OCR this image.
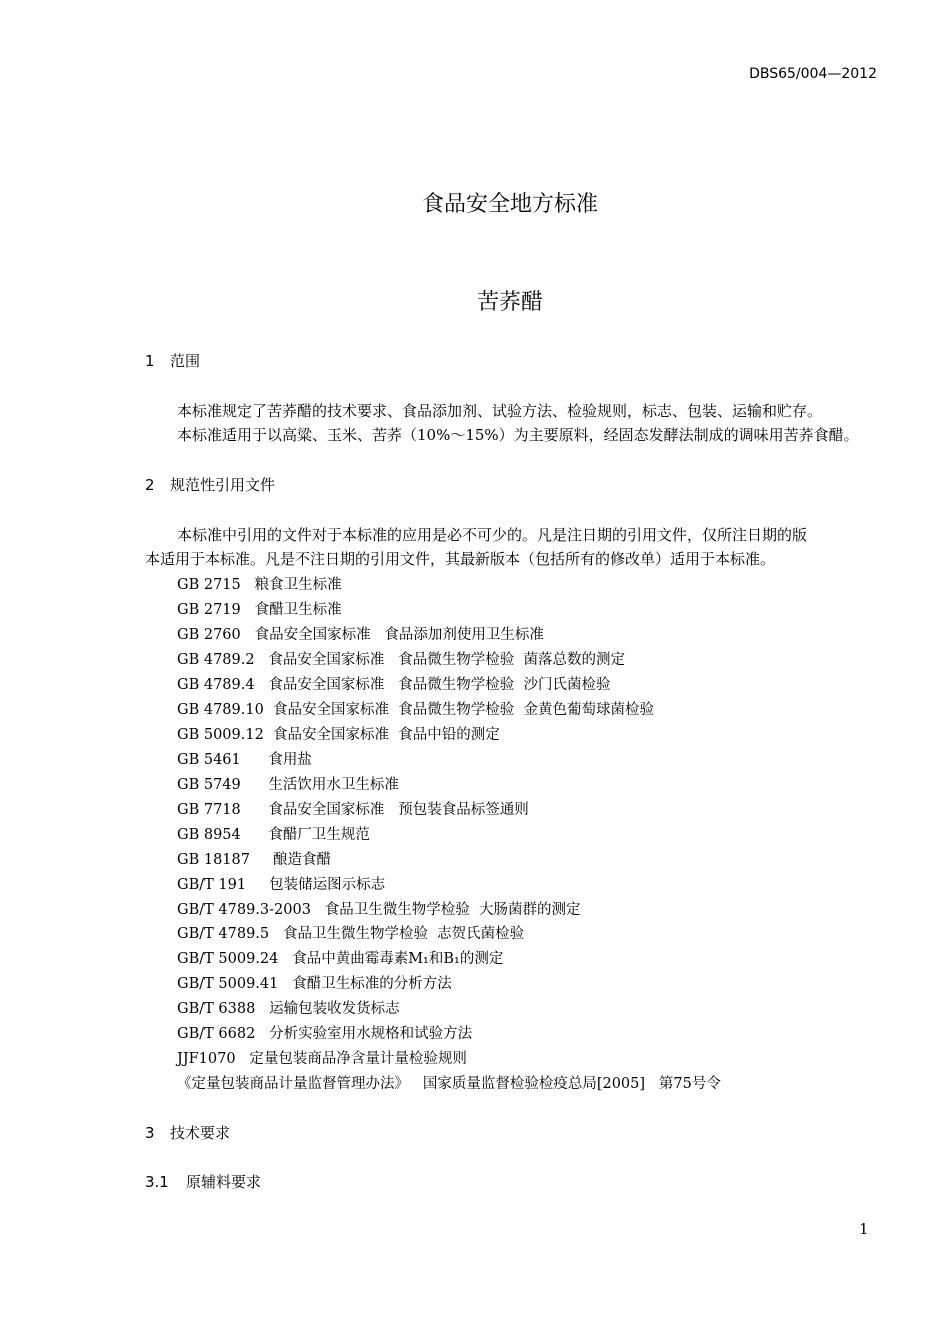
DBS65/004—2012
食品安全地方标准
苦荞醋
1 范围
本标准规定了苦荞醋的技术要求、食品添加剂、试验方法、检验规则，标志、包装、运输和贮存。
本标准适用于以高粱、玉米、苦荞（10%～15%）为主要原料，经固态发酵法制成的调味用苦荞食醋。
2 规范性引用文件
本标准中引用的文件对于本标准的应用是必不可少的。凡是注日期的引用文件，仅所注日期的版
本适用于本标准。凡是不注日期的引用文件，其最新版本（包括所有的修改单）适用于本标准。
GB 2715   粮食卫生标准
GB 2719   食醋卫生标准
GB 2760   食品安全国家标准   食品添加剂使用卫生标准
GB 4789.2   食品安全国家标准   食品微生物学检验  菌落总数的测定
GB 4789.4   食品安全国家标准   食品微生物学检验  沙门氏菌检验
GB 4789.10  食品安全国家标准  食品微生物学检验  金黄色葡萄球菌检验
GB 5009.12  食品安全国家标准  食品中铅的测定
GB 5461      食用盐
GB 5749      生活饮用水卫生标准
GB 7718      食品安全国家标准   预包装食品标签通则
GB 8954      食醋厂卫生规范
GB 18187     酿造食醋
GB/T 191     包装储运图示标志
GB/T 4789.3-2003   食品卫生微生物学检验  大肠菌群的测定
GB/T 4789.5   食品卫生微生物学检验  志贺氏菌检验
GB/T 5009.24   食品中黄曲霉毒素M₁和B₁的测定
GB/T 5009.41   食醋卫生标准的分析方法
GB/T 6388   运输包装收发货标志
GB/T 6682   分析实验室用水规格和试验方法
JJF1070   定量包装商品净含量计量检验规则
《定量包装商品计量监督管理办法》   国家质量监督检验检疫总局[2005]   第75号令
3 技术要求
3.1 原辅料要求
1
